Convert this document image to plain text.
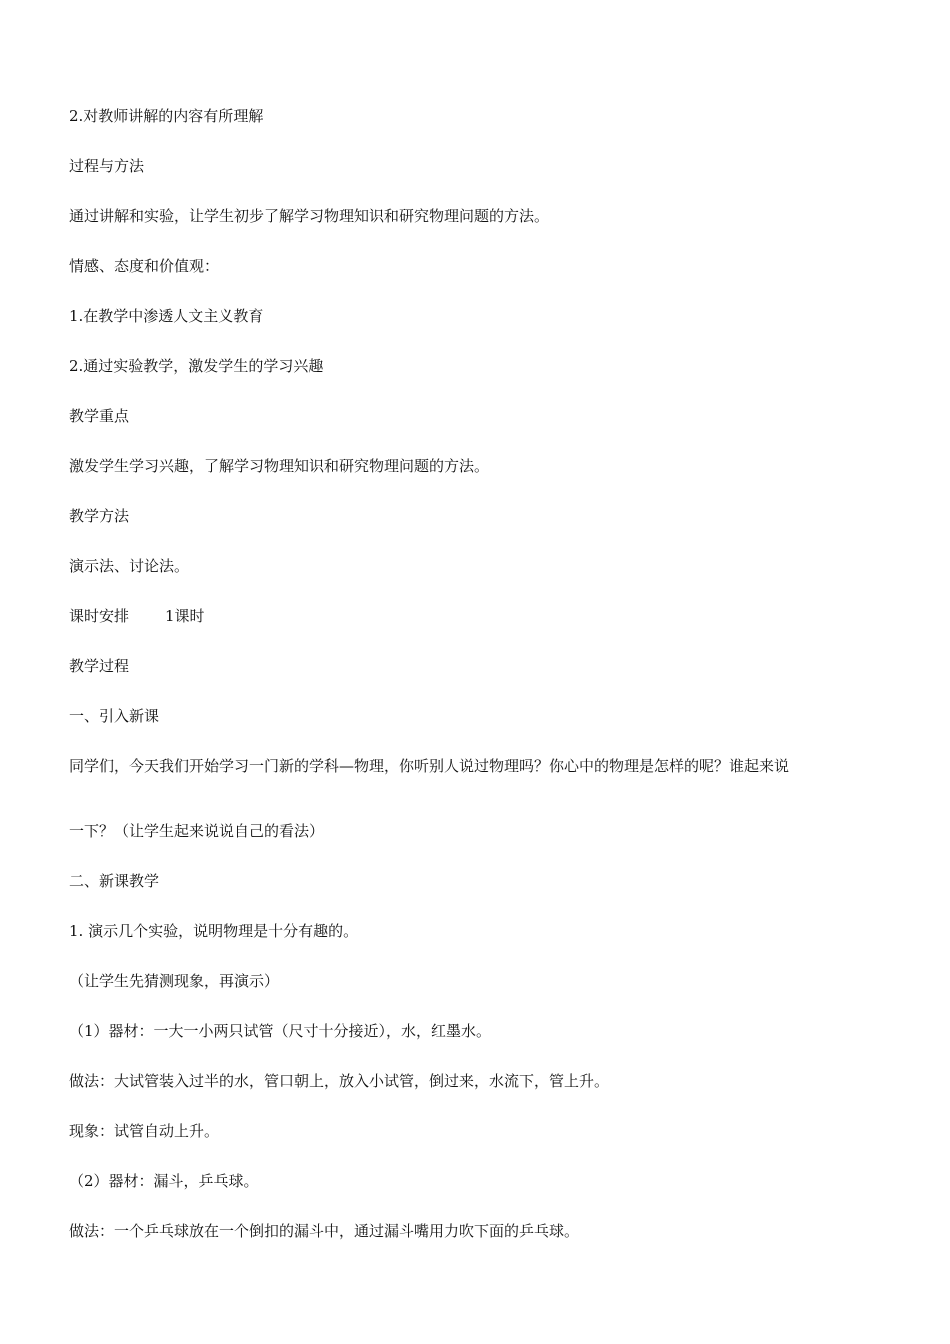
2.对教师讲解的内容有所理解

过程与方法

通过讲解和实验，让学生初步了解学习物理知识和研究物理问题的方法。

情感、态度和价值观：

1.在教学中渗透人文主义教育

2.通过实验教学，激发学生的学习兴趣

教学重点

激发学生学习兴趣，了解学习物理知识和研究物理问题的方法。

教学方法

演示法、讨论法。

课时安排 1课时

教学过程

一、引入新课

同学们，今天我们开始学习一门新的学科—物理，你听别人说过物理吗？你心中的物理是怎样的呢？谁起来说

一下？（让学生起来说说自己的看法）

二、新课教学

1. 演示几个实验，说明物理是十分有趣的。

（让学生先猜测现象，再演示）

（1）器材：一大一小两只试管（尺寸十分接近），水，红墨水。

做法：大试管装入过半的水，管口朝上，放入小试管，倒过来，水流下，管上升。

现象：试管自动上升。

（2）器材：漏斗，乒乓球。

做法：一个乒乓球放在一个倒扣的漏斗中，通过漏斗嘴用力吹下面的乒乓球。
